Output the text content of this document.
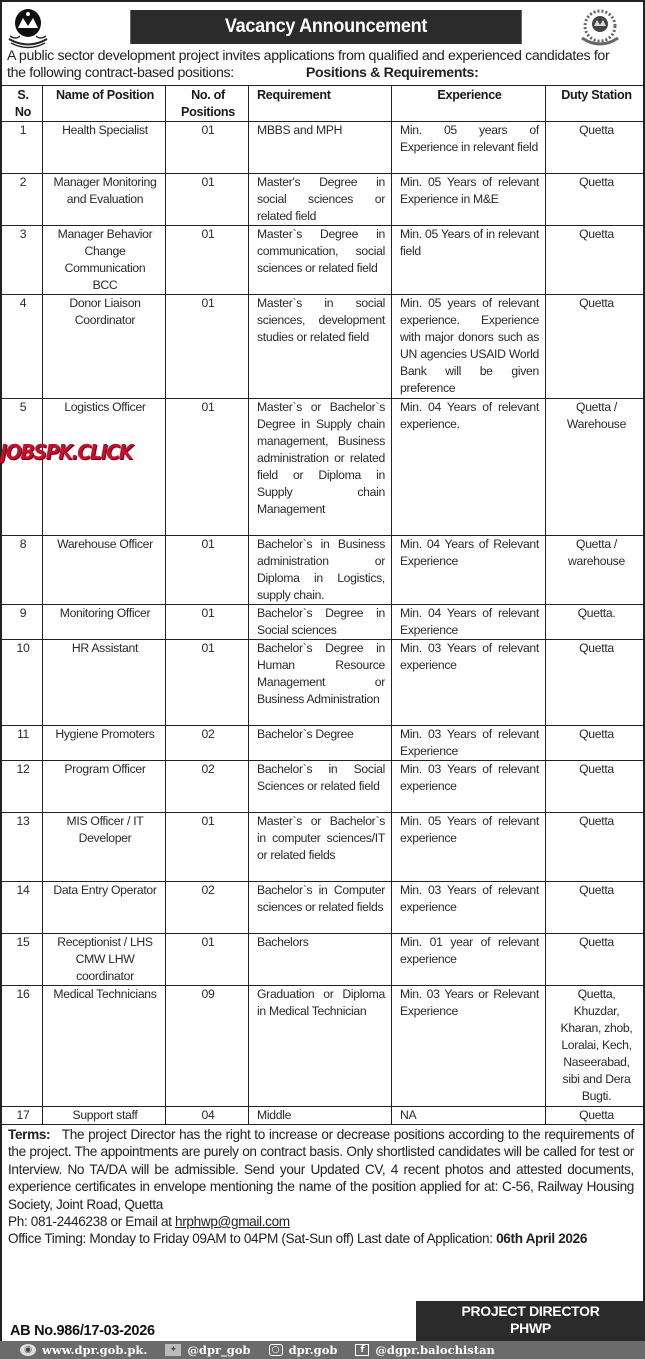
Vacancy Announcement
A public sector development project invites applications from qualified and experienced candidates for
the following contract-based positions:	Positions & Requirements:
S. No	Name of Position	No. of Positions	Requirement	Experience	Duty Station
1	Health Specialist	01	MBBS and MPH	Min. 05 years of Experience in relevant field	Quetta
2	Manager Monitoring and Evaluation	01	Master's Degree in social sciences or related field	Min. 05 Years of relevant Experience in M&E	Quetta
3	Manager Behavior Change Communication BCC	01	Master`s Degree in communication, social sciences or related field	Min. 05 Years of in relevant field	Quetta
4	Donor Liaison Coordinator	01	Master`s in social sciences, development studies or related field	Min. 05 years of relevant experience. Experience with major donors such as UN agencies USAID World Bank will be given preference	Quetta
5	Logistics Officer	01	Master`s or Bachelor`s Degree in Supply chain management, Business administration or related field or Diploma in Supply chain Management	Min. 04 Years of relevant experience.	Quetta / Warehouse
8	Warehouse Officer	01	Bachelor`s in Business administration or Diploma in Logistics, supply chain.	Min. 04 Years of Relevant Experience	Quetta / warehouse
9	Monitoring Officer	01	Bachelor`s Degree in Social sciences	Min. 04 Years of relevant Experience	Quetta.
10	HR Assistant	01	Bachelor`s Degree in Human Resource Management or Business Administration	Min. 03 Years of relevant experience	Quetta
11	Hygiene Promoters	02	Bachelor`s Degree	Min. 03 Years of relevant Experience	Quetta
12	Program Officer	02	Bachelor`s in Social Sciences or related field	Min. 03 Years of relevant experience	Quetta
13	MIS Officer / IT Developer	01	Master`s or Bachelor`s in computer sciences/IT or related fields	Min. 05 Years of relevant experience	Quetta
14	Data Entry Operator	02	Bachelor`s in Computer sciences or related fields	Min. 03 Years of relevant experience	Quetta
15	Receptionist / LHS CMW LHW coordinator	01	Bachelors	Min. 01 year of relevant experience	Quetta
16	Medical Technicians	09	Graduation or Diploma in Medical Technician	Min. 03 Years or Relevant Experience	Quetta, Khuzdar, Kharan, zhob, Loralai, Kech, Naseerabad, sibi and Dera Bugti.
17	Support staff	04	Middle	NA	Quetta
JOBSPK.CLICK
Terms: The project Director has the right to increase or decrease positions according to the requirements of the project. The appointments are purely on contract basis. Only shortlisted candidates will be called for test or Interview. No TA/DA will be admissible. Send your Updated CV, 4 recent photos and attested documents, experience certificates in envelope mentioning the name of the position applied for at: C-56, Railway Housing Society, Joint Road, Quetta
Ph: 081-2446238 or Email at hrphwp@gmail.com
Office Timing: Monday to Friday 09AM to 04PM (Sat-Sun off) Last date of Application: 06th April 2026
AB No.986/17-03-2026
PROJECT DIRECTOR
PHWP
◉ www.dpr.gob.pk.	✦ @dpr_gob	○ dpr.gob	f @dgpr.balochistan
